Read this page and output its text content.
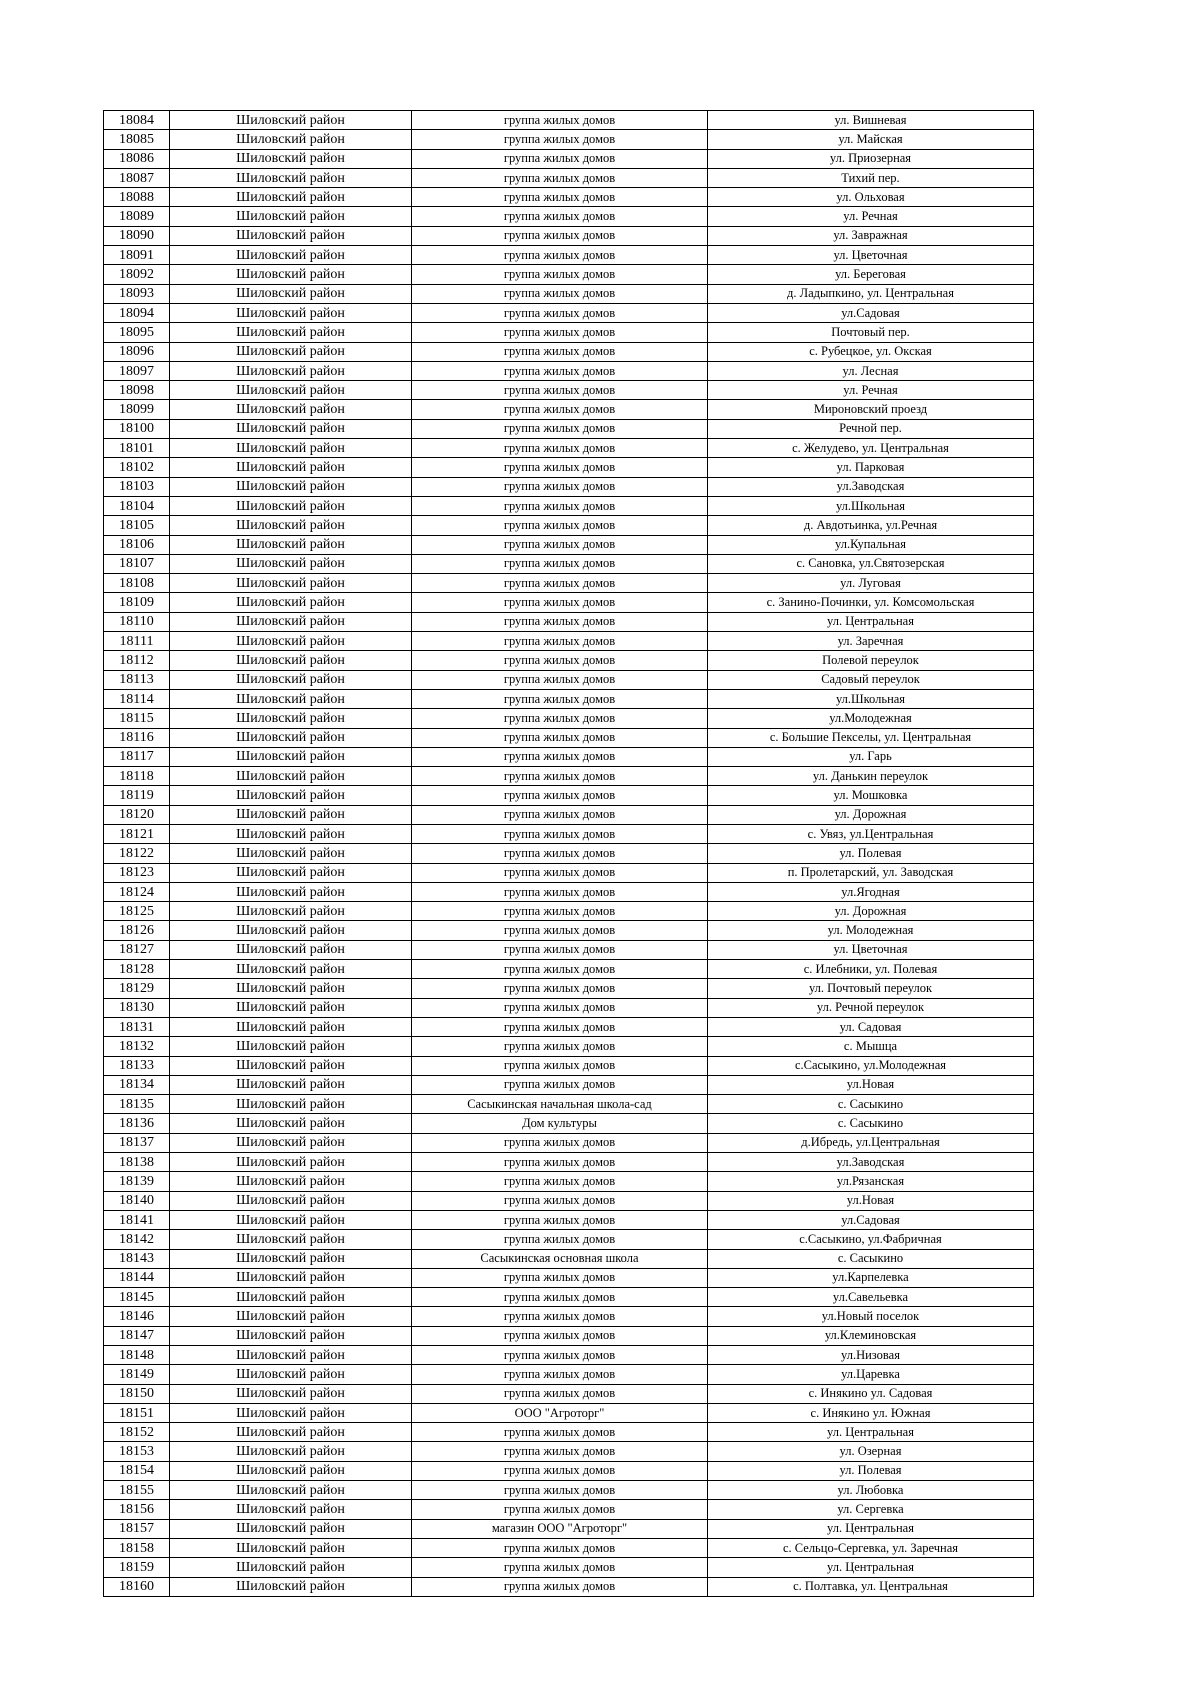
18084	Шиловский район	группа жилых домов	ул. Вишневая
18085	Шиловский район	группа жилых домов	ул. Майская
18086	Шиловский район	группа жилых домов	ул. Приозерная
18087	Шиловский район	группа жилых домов	Тихий пер.
18088	Шиловский район	группа жилых домов	ул. Ольховая
18089	Шиловский район	группа жилых домов	ул. Речная
18090	Шиловский район	группа жилых домов	ул. Завражная
18091	Шиловский район	группа жилых домов	ул. Цветочная
18092	Шиловский район	группа жилых домов	ул. Береговая
18093	Шиловский район	группа жилых домов	д. Ладыпкино, ул. Центральная
18094	Шиловский район	группа жилых домов	ул.Садовая
18095	Шиловский район	группа жилых домов	Почтовый пер.
18096	Шиловский район	группа жилых домов	с. Рубецкое, ул. Окская
18097	Шиловский район	группа жилых домов	ул. Лесная
18098	Шиловский район	группа жилых домов	ул. Речная
18099	Шиловский район	группа жилых домов	Мироновский проезд
18100	Шиловский район	группа жилых домов	Речной пер.
18101	Шиловский район	группа жилых домов	с. Желудево, ул. Центральная
18102	Шиловский район	группа жилых домов	ул. Парковая
18103	Шиловский район	группа жилых домов	ул.Заводская
18104	Шиловский район	группа жилых домов	ул.Школьная
18105	Шиловский район	группа жилых домов	д. Авдотьинка, ул.Речная
18106	Шиловский район	группа жилых домов	ул.Купальная
18107	Шиловский район	группа жилых домов	с. Сановка, ул.Святозерская
18108	Шиловский район	группа жилых домов	ул. Луговая
18109	Шиловский район	группа жилых домов	с. Занино-Починки, ул. Комсомольская
18110	Шиловский район	группа жилых домов	ул. Центральная
18111	Шиловский район	группа жилых домов	ул. Заречная
18112	Шиловский район	группа жилых домов	Полевой переулок
18113	Шиловский район	группа жилых домов	Садовый переулок
18114	Шиловский район	группа жилых домов	ул.Школьная
18115	Шиловский район	группа жилых домов	ул.Молодежная
18116	Шиловский район	группа жилых домов	с. Большие Пекселы, ул. Центральная
18117	Шиловский район	группа жилых домов	ул. Гарь
18118	Шиловский район	группа жилых домов	ул. Данькин переулок
18119	Шиловский район	группа жилых домов	ул. Мошковка
18120	Шиловский район	группа жилых домов	ул. Дорожная
18121	Шиловский район	группа жилых домов	с. Увяз, ул.Центральная
18122	Шиловский район	группа жилых домов	ул. Полевая
18123	Шиловский район	группа жилых домов	п. Пролетарский, ул. Заводская
18124	Шиловский район	группа жилых домов	ул.Ягодная
18125	Шиловский район	группа жилых домов	ул. Дорожная
18126	Шиловский район	группа жилых домов	ул. Молодежная
18127	Шиловский район	группа жилых домов	ул. Цветочная
18128	Шиловский район	группа жилых домов	с. Илебники, ул. Полевая
18129	Шиловский район	группа жилых домов	ул. Почтовый переулок
18130	Шиловский район	группа жилых домов	ул. Речной переулок
18131	Шиловский район	группа жилых домов	ул. Садовая
18132	Шиловский район	группа жилых домов	с. Мышца
18133	Шиловский район	группа жилых домов	с.Сасыкино, ул.Молодежная
18134	Шиловский район	группа жилых домов	ул.Новая
18135	Шиловский район	Сасыкинская начальная школа-сад	с. Сасыкино
18136	Шиловский район	Дом культуры	с. Сасыкино
18137	Шиловский район	группа жилых домов	д.Ибредь, ул.Центральная
18138	Шиловский район	группа жилых домов	ул.Заводская
18139	Шиловский район	группа жилых домов	ул.Рязанская
18140	Шиловский район	группа жилых домов	ул.Новая
18141	Шиловский район	группа жилых домов	ул.Садовая
18142	Шиловский район	группа жилых домов	с.Сасыкино, ул.Фабричная
18143	Шиловский район	Сасыкинская основная школа	с. Сасыкино
18144	Шиловский район	группа жилых домов	ул.Карпелевка
18145	Шиловский район	группа жилых домов	ул.Савельевка
18146	Шиловский район	группа жилых домов	ул.Новый поселок
18147	Шиловский район	группа жилых домов	ул.Клеминовская
18148	Шиловский район	группа жилых домов	ул.Низовая
18149	Шиловский район	группа жилых домов	ул.Царевка
18150	Шиловский район	группа жилых домов	с. Инякино ул. Садовая
18151	Шиловский район	ООО "Агроторг"	с. Инякино ул. Южная
18152	Шиловский район	группа жилых домов	ул. Центральная
18153	Шиловский район	группа жилых домов	ул. Озерная
18154	Шиловский район	группа жилых домов	ул. Полевая
18155	Шиловский район	группа жилых домов	ул. Любовка
18156	Шиловский район	группа жилых домов	ул. Сергевка
18157	Шиловский район	магазин ООО "Агроторг"	ул. Центральная
18158	Шиловский район	группа жилых домов	с. Сельцо-Сергевка, ул. Заречная
18159	Шиловский район	группа жилых домов	ул. Центральная
18160	Шиловский район	группа жилых домов	с. Полтавка, ул. Центральная
